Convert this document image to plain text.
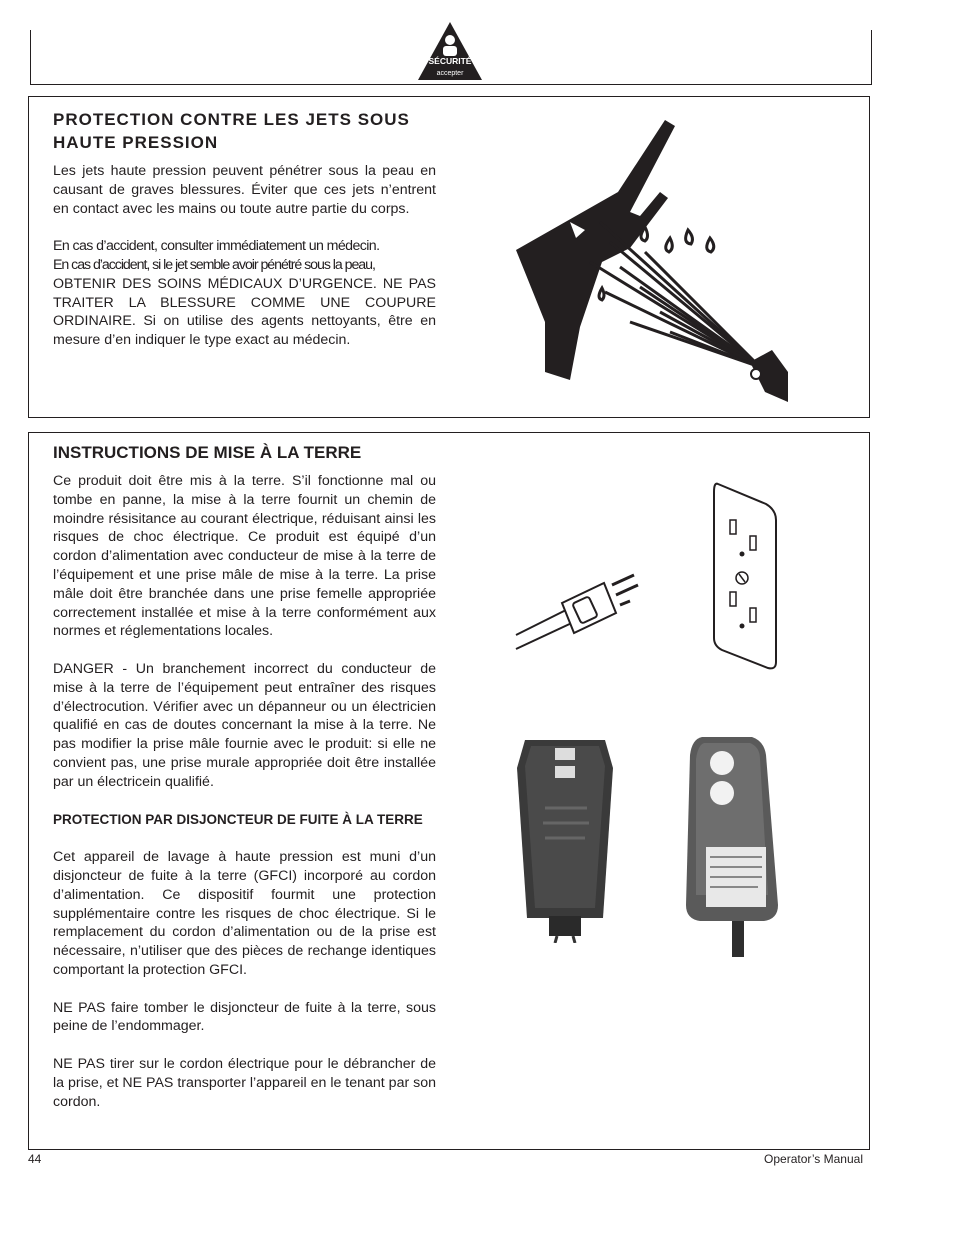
SÉCURITÉ
accepter
PROTECTION CONTRE LES JETS SOUS HAUTE PRESSION

Les jets haute pression peuvent pénétrer sous la peau en causant de graves blessures. Éviter que ces jets n’entrent en contact avec les mains ou toute autre partie du corps.

En cas d’accident, consulter immédiatement un médecin.

En cas d’accident, si le jet semble avoir pénétré sous la peau,

OBTENIR DES SOINS MÉDICAUX D’URGENCE. NE PAS TRAITER LA BLESSURE COMME UNE COUPURE ORDINAIRE. Si on utilise des agents nettoyants, être en mesure d’en indiquer le type exact au médecin.

INSTRUCTIONS DE MISE À LA TERRE

Ce produit doit être mis à la terre. S’il fonctionne mal ou tombe en panne, la mise à la terre fournit un chemin de moindre résisitance au courant électrique, réduisant ainsi les risques de choc électrique. Ce produit est équipé d’un cordon d’alimentation avec conducteur de mise à la terre de l’équipement et une prise mâle de mise à la terre. La prise mâle doit être branchée dans une prise femelle appropriée correctement installée et mise à la terre conformément aux normes et réglementations locales.

DANGER - Un branchement incorrect du conducteur de mise à la terre de l’équipement peut entraîner des risques d’électrocution. Vérifier avec un dépanneur ou un électricien qualifié en cas de doutes concernant la mise à la terre. Ne pas modifier la prise mâle fournie avec le produit: si elle ne convient pas, une prise murale appropriée doit être installée par un électricein qualifié.

PROTECTION PAR DISJONCTEUR DE FUITE À LA TERRE

Cet appareil de lavage à haute pression est muni d’un disjoncteur de fuite à la terre (GFCI) incorporé au cordon d’alimentation. Ce dispositif fourmit une protection supplémentaire contre les risques de choc électrique. Si le remplacement du cordon d’alimentation ou de la prise est nécessaire, n’utiliser que des pièces de rechange identiques comportant la protection GFCI.

NE PAS faire tomber le disjoncteur de fuite à la terre, sous peine de l’endommager.

NE PAS tirer sur le cordon électrique pour le débrancher de la prise, et NE PAS transporter l’appareil en le tenant par son cordon.

44	Operator’s Manual
